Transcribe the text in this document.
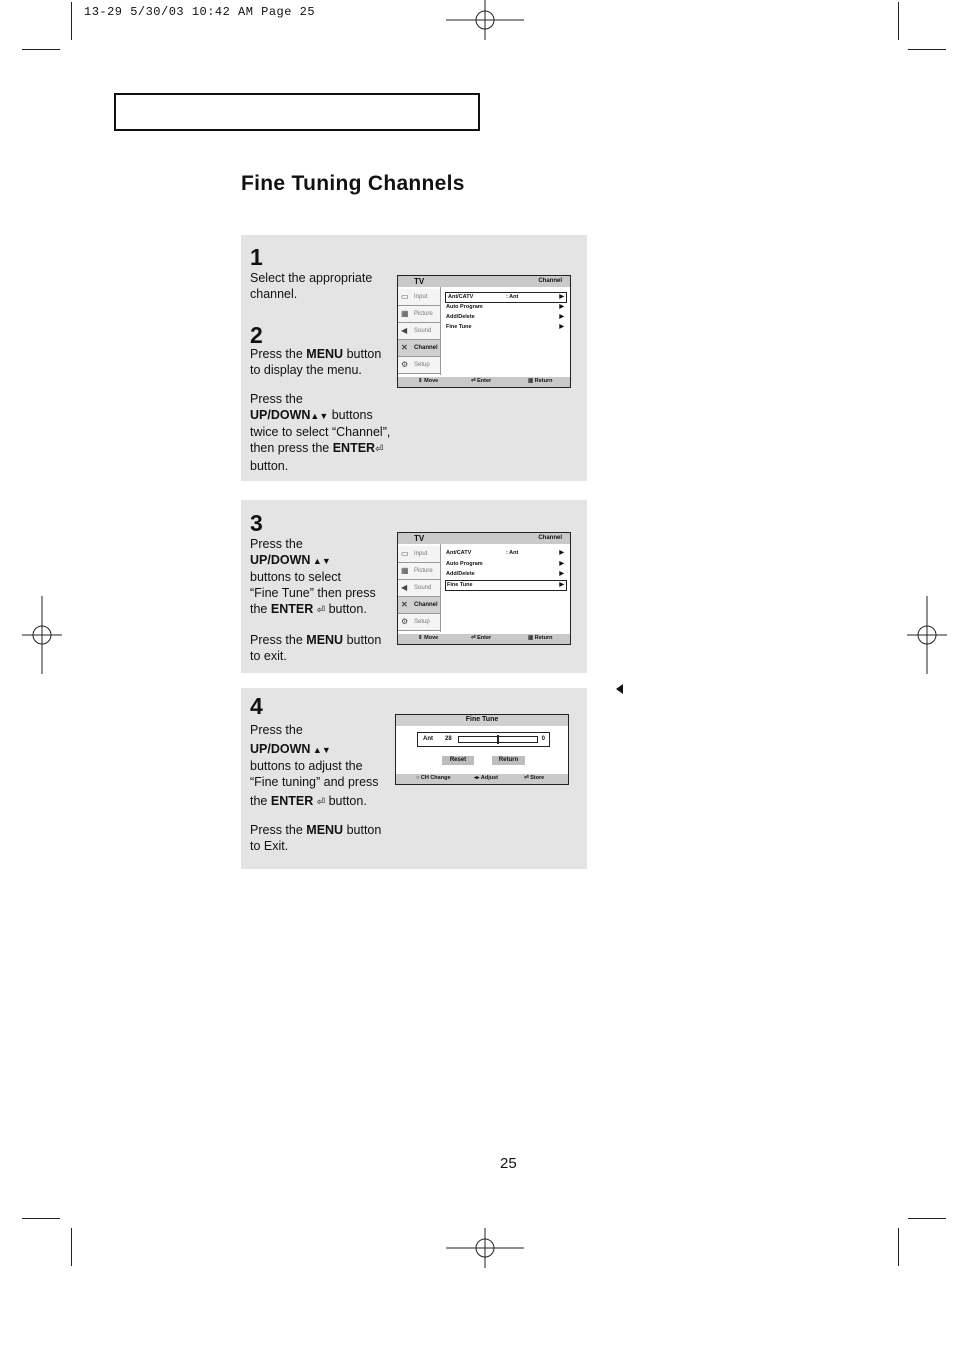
13-29 5/30/03 10:42 AM Page 25
Fine Tuning Channels
1
Select the appropriate channel.
2
Press the MENU button to display the menu.
Press the
UP/DOWN▲▼ buttons twice to select “Channel”, then press the ENTER⏎ button.
TV	Channel
▭ Input
▦ Picture
◀	Sound
✕	Channel
⚙ Setup
Ant/CATV	: Ant	▶
Auto Program	▶
Add/Delete	▶
Fine Tune	▶
⇕ Move	⏎ Enter	▥ Return
3
Press the
UP/DOWN ▲▼
buttons to select
“Fine Tune” then press
the ENTER ⏎ button.
Press the MENU button
to exit.
TV	Channel
▭ Input
▦ Picture
◀	Sound
✕	Channel
⚙ Setup
Ant/CATV	: Ant	▶
Auto Program	▶
Add/Delete	▶
Fine Tune	▶
⇕ Move	⏎ Enter	▥ Return
4
Press the

UP/DOWN ▲▼
buttons to adjust the
“Fine tuning” and press

the ENTER ⏎ button.
Press the MENU button
to Exit.
Fine Tune
Ant 28	0
Reset	Return
○ CH Change	◂▸ Adjust	⏎ Store
25
